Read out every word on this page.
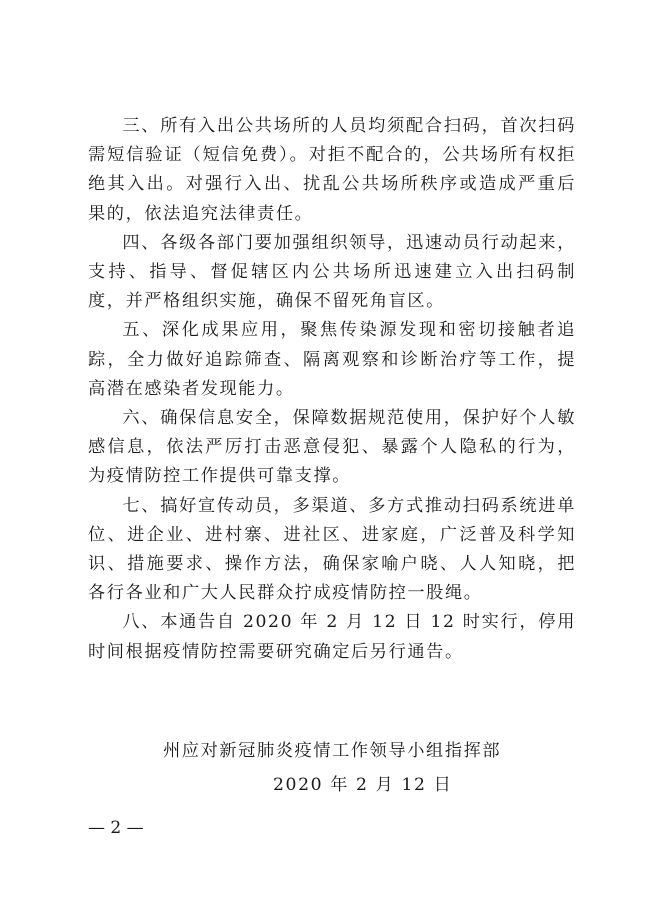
三、所有入出公共场所的人员均须配合扫码，首次扫码需短信验证（短信免费）。对拒不配合的，公共场所有权拒绝其入出。对强行入出、扰乱公共场所秩序或造成严重后果的，依法追究法律责任。

四、各级各部门要加强组织领导，迅速动员行动起来，支持、指导、督促辖区内公共场所迅速建立入出扫码制度，并严格组织实施，确保不留死角盲区。

五、深化成果应用，聚焦传染源发现和密切接触者追踪，全力做好追踪筛查、隔离观察和诊断治疗等工作，提高潜在感染者发现能力。

六、确保信息安全，保障数据规范使用，保护好个人敏感信息，依法严厉打击恶意侵犯、暴露个人隐私的行为，为疫情防控工作提供可靠支撑。

七、搞好宣传动员，多渠道、多方式推动扫码系统进单位、进企业、进村寨、进社区、进家庭，广泛普及科学知识、措施要求、操作方法，确保家喻户晓、人人知晓，把各行各业和广大人民群众拧成疫情防控一股绳。

八、本通告自 2020 年 2 月 12 日 12 时实行，停用时间根据疫情防控需要研究确定后另行通告。

州应对新冠肺炎疫情工作领导小组指挥部
2020 年 2 月 12 日
— 2 —
